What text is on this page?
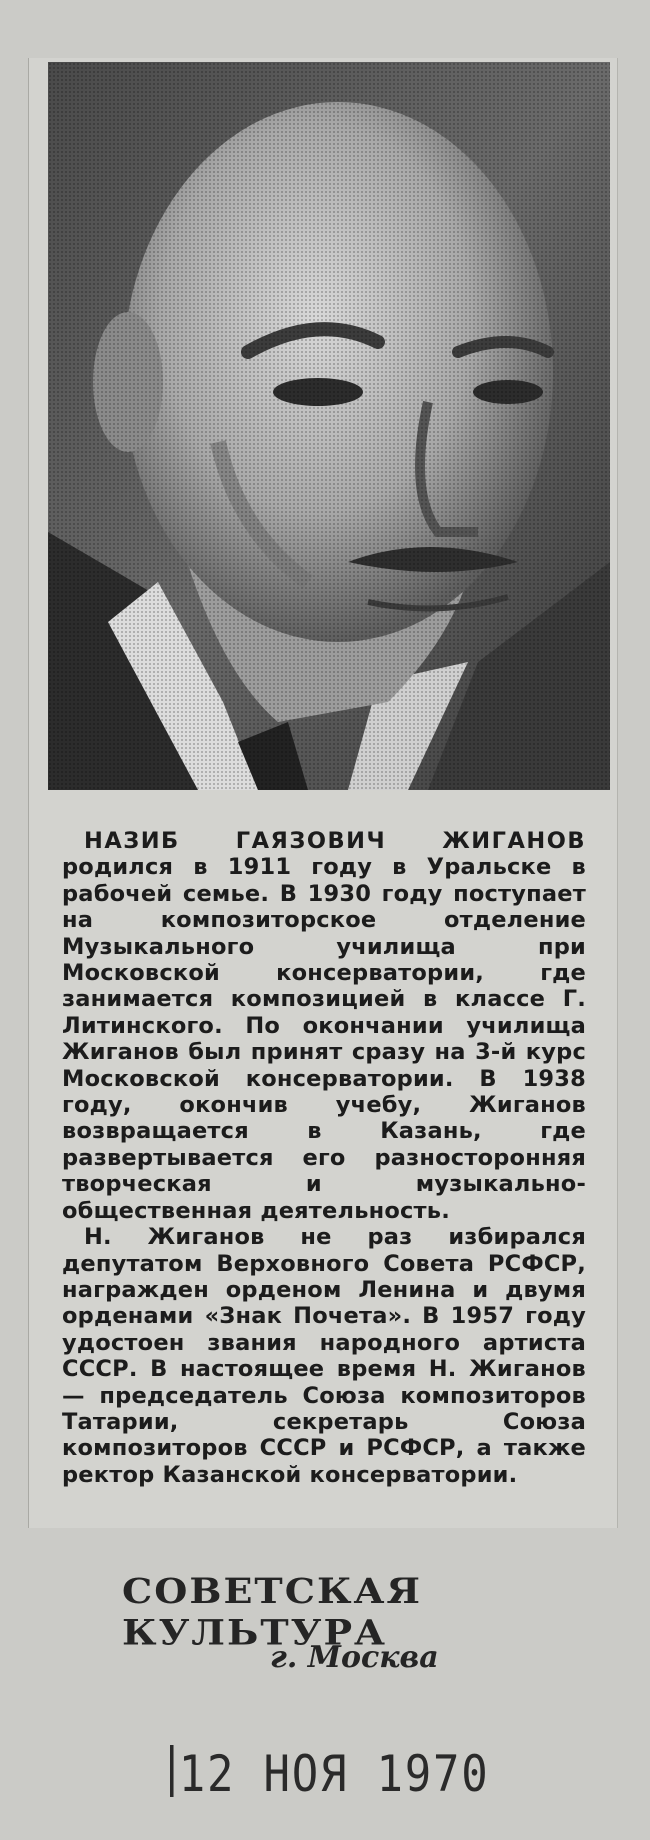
НАЗИБ ГАЯЗОВИЧ ЖИГАНОВ родился в 1911 году в Уральске в рабочей семье. В 1930 году поступает на композиторское отделение Музыкального училища при Московской консерватории, где занимается композицией в классе Г. Литинского. По окончании училища Жиганов был принят сразу на 3-й курс Московской консерватории. В 1938 году, окончив учебу, Жиганов возвращается в Казань, где развертывается его разносторонняя творческая и музыкально-общественная деятельность.

Н. Жиганов не раз избирался депутатом Верховного Совета РСФСР, награжден орденом Ленина и двумя орденами «Знак Почета». В 1957 году удостоен звания народного артиста СССР. В настоящее время Н. Жиганов — председатель Союза композиторов Татарии, секретарь Союза композиторов СССР и РСФСР, а также ректор Казанской консерватории.

СОВЕТСКАЯ КУЛЬТУРА
г. Москва
12 НОЯ 1970
